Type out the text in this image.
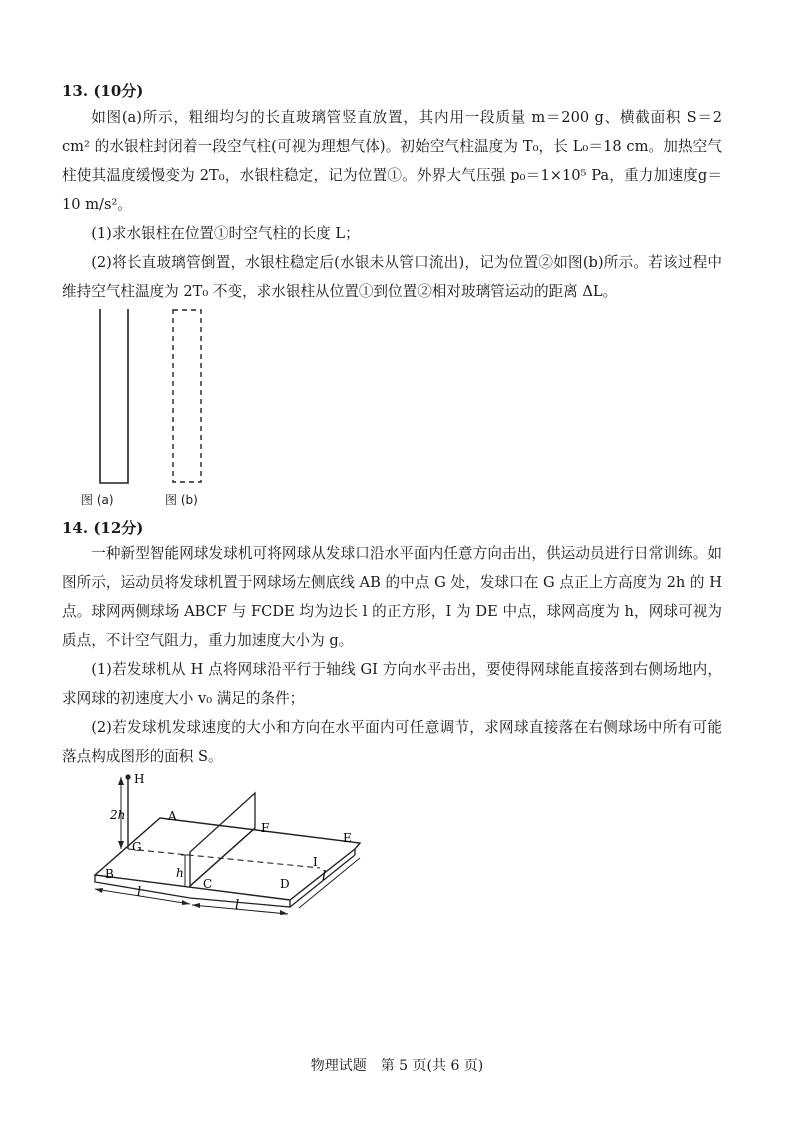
13. (10分)

如图(a)所示，粗细均匀的长直玻璃管竖直放置，其内用一段质量 m＝200 g、横截面积 S＝2 cm² 的水银柱封闭着一段空气柱(可视为理想气体)。初始空气柱温度为 T₀，长 L₀＝18 cm。加热空气柱使其温度缓慢变为 2T₀，水银柱稳定，记为位置①。外界大气压强 p₀＝1×10⁵ Pa，重力加速度g＝10 m/s²。

(1)求水银柱在位置①时空气柱的长度 L；

(2)将长直玻璃管倒置，水银柱稳定后(水银未从管口流出)，记为位置②如图(b)所示。若该过程中维持空气柱温度为 2T₀ 不变，求水银柱从位置①到位置②相对玻璃管运动的距离 ΔL。

图 (a)	图 (b)
14. (12分)

一种新型智能网球发球机可将网球从发球口沿水平面内任意方向击出，供运动员进行日常训练。如图所示，运动员将发球机置于网球场左侧底线 AB 的中点 G 处，发球口在 G 点正上方高度为 2h 的 H 点。球网两侧球场 ABCF 与 FCDE 均为边长 l 的正方形，I 为 DE 中点，球网高度为 h，网球可视为质点，不计空气阻力，重力加速度大小为 g。

(1)若发球机从 H 点将网球沿平行于轴线 GI 方向水平击出，要使得网球能直接落到右侧场地内，求网球的初速度大小 v₀ 满足的条件；

(2)若发球机发球速度的大小和方向在水平面内可任意调节，求网球直接落在右侧球场中所有可能落点构成图形的面积 S。

H
2h	A
F
E
G
I
h
B
C	D
l
l
l
物理试题　第 5 页(共 6 页)
